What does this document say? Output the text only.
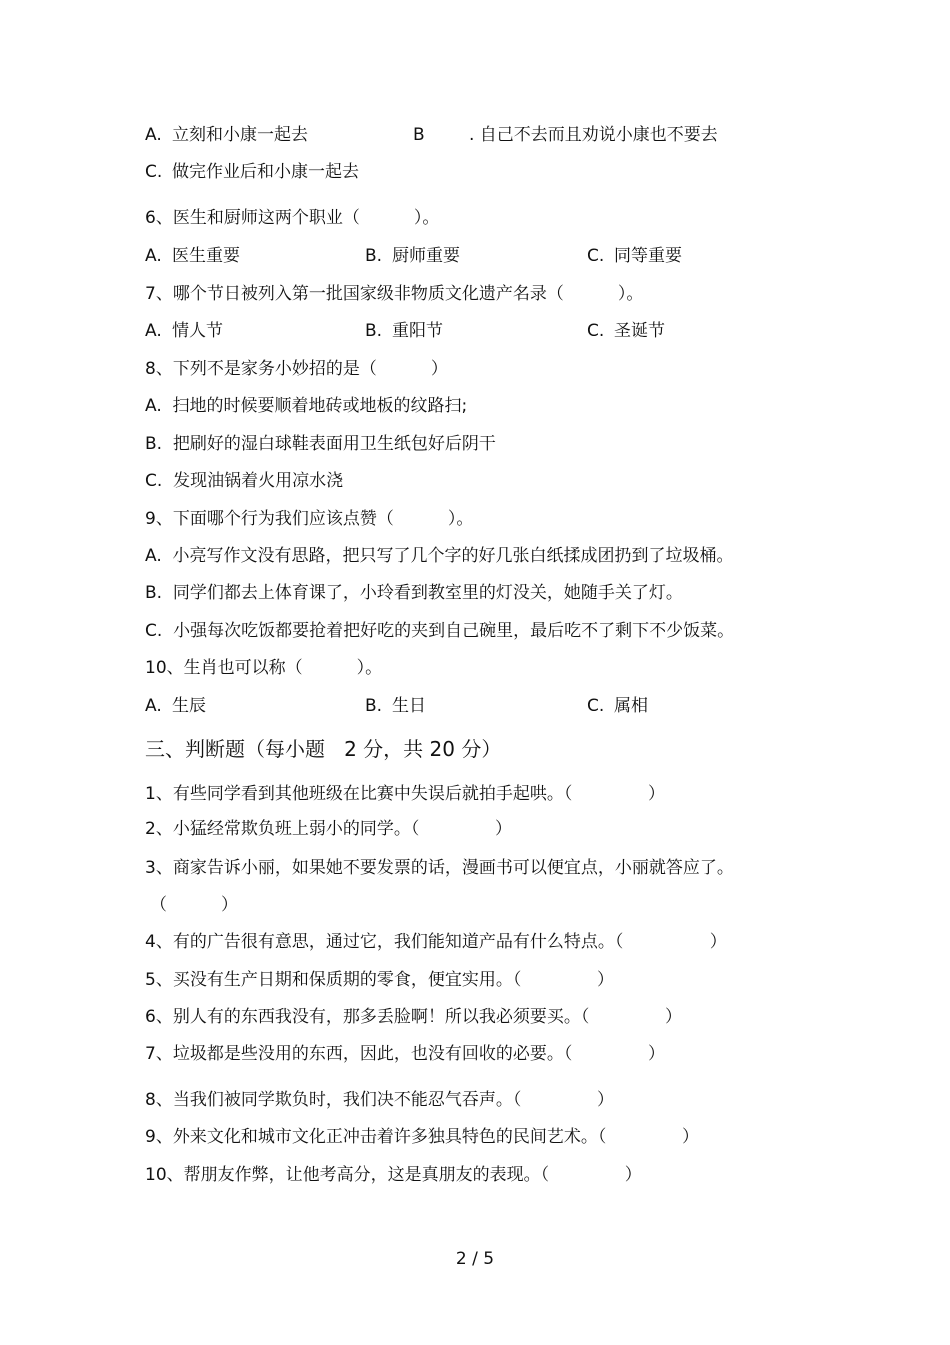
A. 立刻和小康一起去	B	. 自己不去而且劝说小康也不要去
C. 做完作业后和小康一起去
6、医生和厨师这两个职业（          ）。
A. 医生重要	B. 厨师重要	C. 同等重要
7、哪个节日被列入第一批国家级非物质文化遗产名录（          ）。
A. 情人节	B. 重阳节	C. 圣诞节
8、下列不是家务小妙招的是（          ）
A.  扫地的时候要顺着地砖或地板的纹路扫;
B.  把刷好的湿白球鞋表面用卫生纸包好后阴干
C.  发现油锅着火用凉水浇
9、下面哪个行为我们应该点赞（          ）。
A.  小亮写作文没有思路，把只写了几个字的好几张白纸揉成团扔到了垃圾桶。
B.  同学们都去上体育课了，小玲看到教室里的灯没关，她随手关了灯。
C.  小强每次吃饭都要抢着把好吃的夹到自己碗里，最后吃不了剩下不少饭菜。
10、生肖也可以称（          ）。
A. 生辰	B. 生日	C. 属相
三、判断题（每小题   2 分，共 20 分）
1、有些同学看到其他班级在比赛中失误后就拍手起哄。（              ）
2、小猛经常欺负班上弱小的同学。（              ）
3、商家告诉小丽，如果她不要发票的话，漫画书可以便宜点，小丽就答应了。
（          ）
4、有的广告很有意思，通过它，我们能知道产品有什么特点。（                ）
5、买没有生产日期和保质期的零食，便宜实用。（              ）
6、别人有的东西我没有，那多丢脸啊！所以我必须要买。（              ）
7、垃圾都是些没用的东西，因此，也没有回收的必要。（              ）
8、当我们被同学欺负时，我们决不能忍气吞声。（              ）
9、外来文化和城市文化正冲击着许多独具特色的民间艺术。（              ）
10、帮朋友作弊，让他考高分，这是真朋友的表现。（              ）
2 / 5
